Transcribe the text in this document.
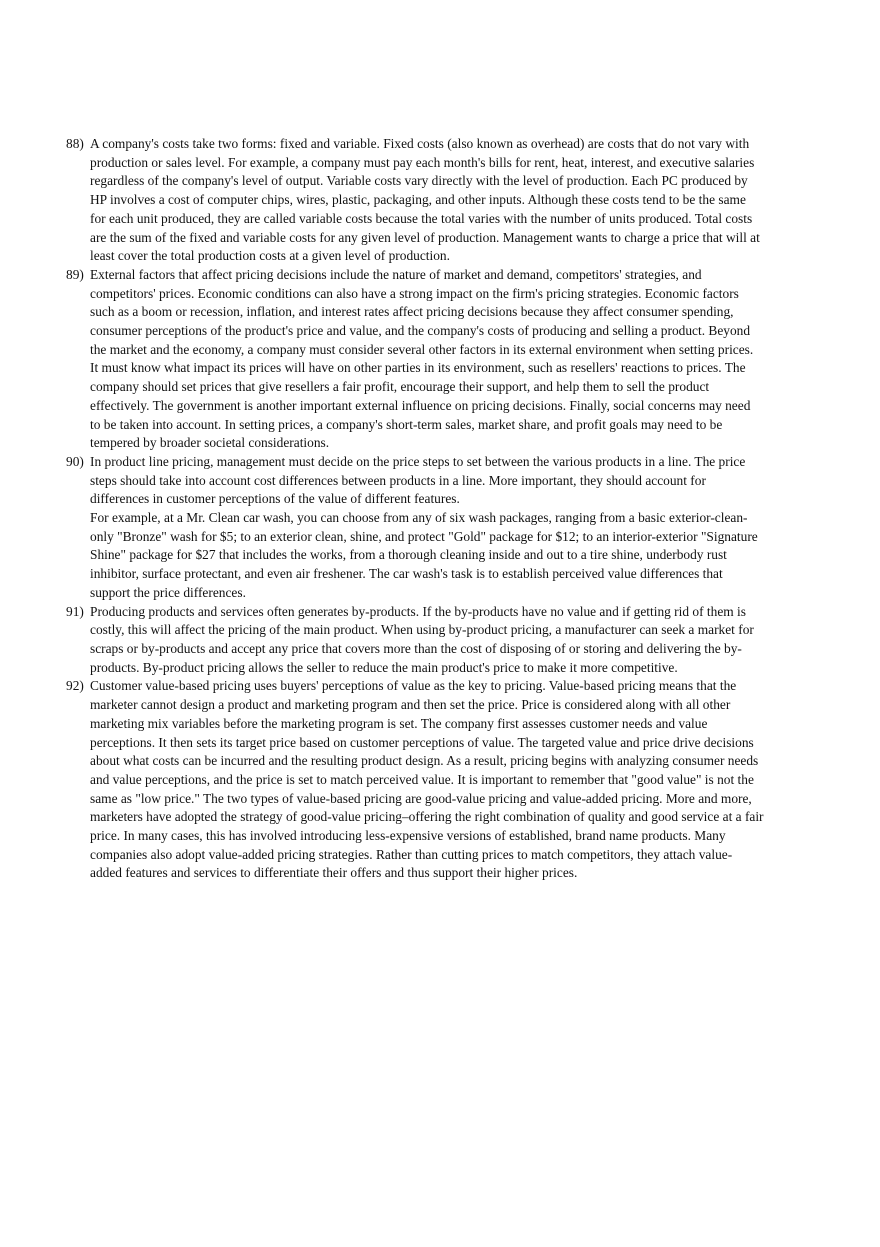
88) A company's costs take two forms: fixed and variable. Fixed costs (also known as overhead) are costs that do not vary with production or sales level. For example, a company must pay each month's bills for rent, heat, interest, and executive salaries regardless of the company's level of output. Variable costs vary directly with the level of production. Each PC produced by HP involves a cost of computer chips, wires, plastic, packaging, and other inputs. Although these costs tend to be the same for each unit produced, they are called variable costs because the total varies with the number of units produced. Total costs are the sum of the fixed and variable costs for any given level of production. Management wants to charge a price that will at least cover the total production costs at a given level of production.

89) External factors that affect pricing decisions include the nature of market and demand, competitors' strategies, and competitors' prices. Economic conditions can also have a strong impact on the firm's pricing strategies. Economic factors such as a boom or recession, inflation, and interest rates affect pricing decisions because they affect consumer spending, consumer perceptions of the product's price and value, and the company's costs of producing and selling a product. Beyond the market and the economy, a company must consider several other factors in its external environment when setting prices. It must know what impact its prices will have on other parties in its environment, such as resellers' reactions to prices. The company should set prices that give resellers a fair profit, encourage their support, and help them to sell the product effectively. The government is another important external influence on pricing decisions. Finally, social concerns may need to be taken into account. In setting prices, a company's short-term sales, market share, and profit goals may need to be tempered by broader societal considerations.

90) In product line pricing, management must decide on the price steps to set between the various products in a line. The price steps should take into account cost differences between products in a line. More important, they should account for differences in customer perceptions of the value of different features.

For example, at a Mr. Clean car wash, you can choose from any of six wash packages, ranging from a basic exterior-clean-only "Bronze" wash for $5; to an exterior clean, shine, and protect "Gold" package for $12; to an interior-exterior "Signature Shine" package for $27 that includes the works, from a thorough cleaning inside and out to a tire shine, underbody rust inhibitor, surface protectant, and even air freshener. The car wash's task is to establish perceived value differences that support the price differences.

91) Producing products and services often generates by-products. If the by-products have no value and if getting rid of them is costly, this will affect the pricing of the main product. When using by-product pricing, a manufacturer can seek a market for scraps or by-products and accept any price that covers more than the cost of disposing of or storing and delivering the by-products. By-product pricing allows the seller to reduce the main product's price to make it more competitive.

92) Customer value-based pricing uses buyers' perceptions of value as the key to pricing. Value-based pricing means that the marketer cannot design a product and marketing program and then set the price. Price is considered along with all other marketing mix variables before the marketing program is set. The company first assesses customer needs and value perceptions. It then sets its target price based on customer perceptions of value. The targeted value and price drive decisions about what costs can be incurred and the resulting product design. As a result, pricing begins with analyzing consumer needs and value perceptions, and the price is set to match perceived value. It is important to remember that "good value" is not the same as "low price." The two types of value-based pricing are good-value pricing and value-added pricing. More and more, marketers have adopted the strategy of good-value pricing–offering the right combination of quality and good service at a fair price. In many cases, this has involved introducing less-expensive versions of established, brand name products. Many companies also adopt value-added pricing strategies. Rather than cutting prices to match competitors, they attach value-added features and services to differentiate their offers and thus support their higher prices.
